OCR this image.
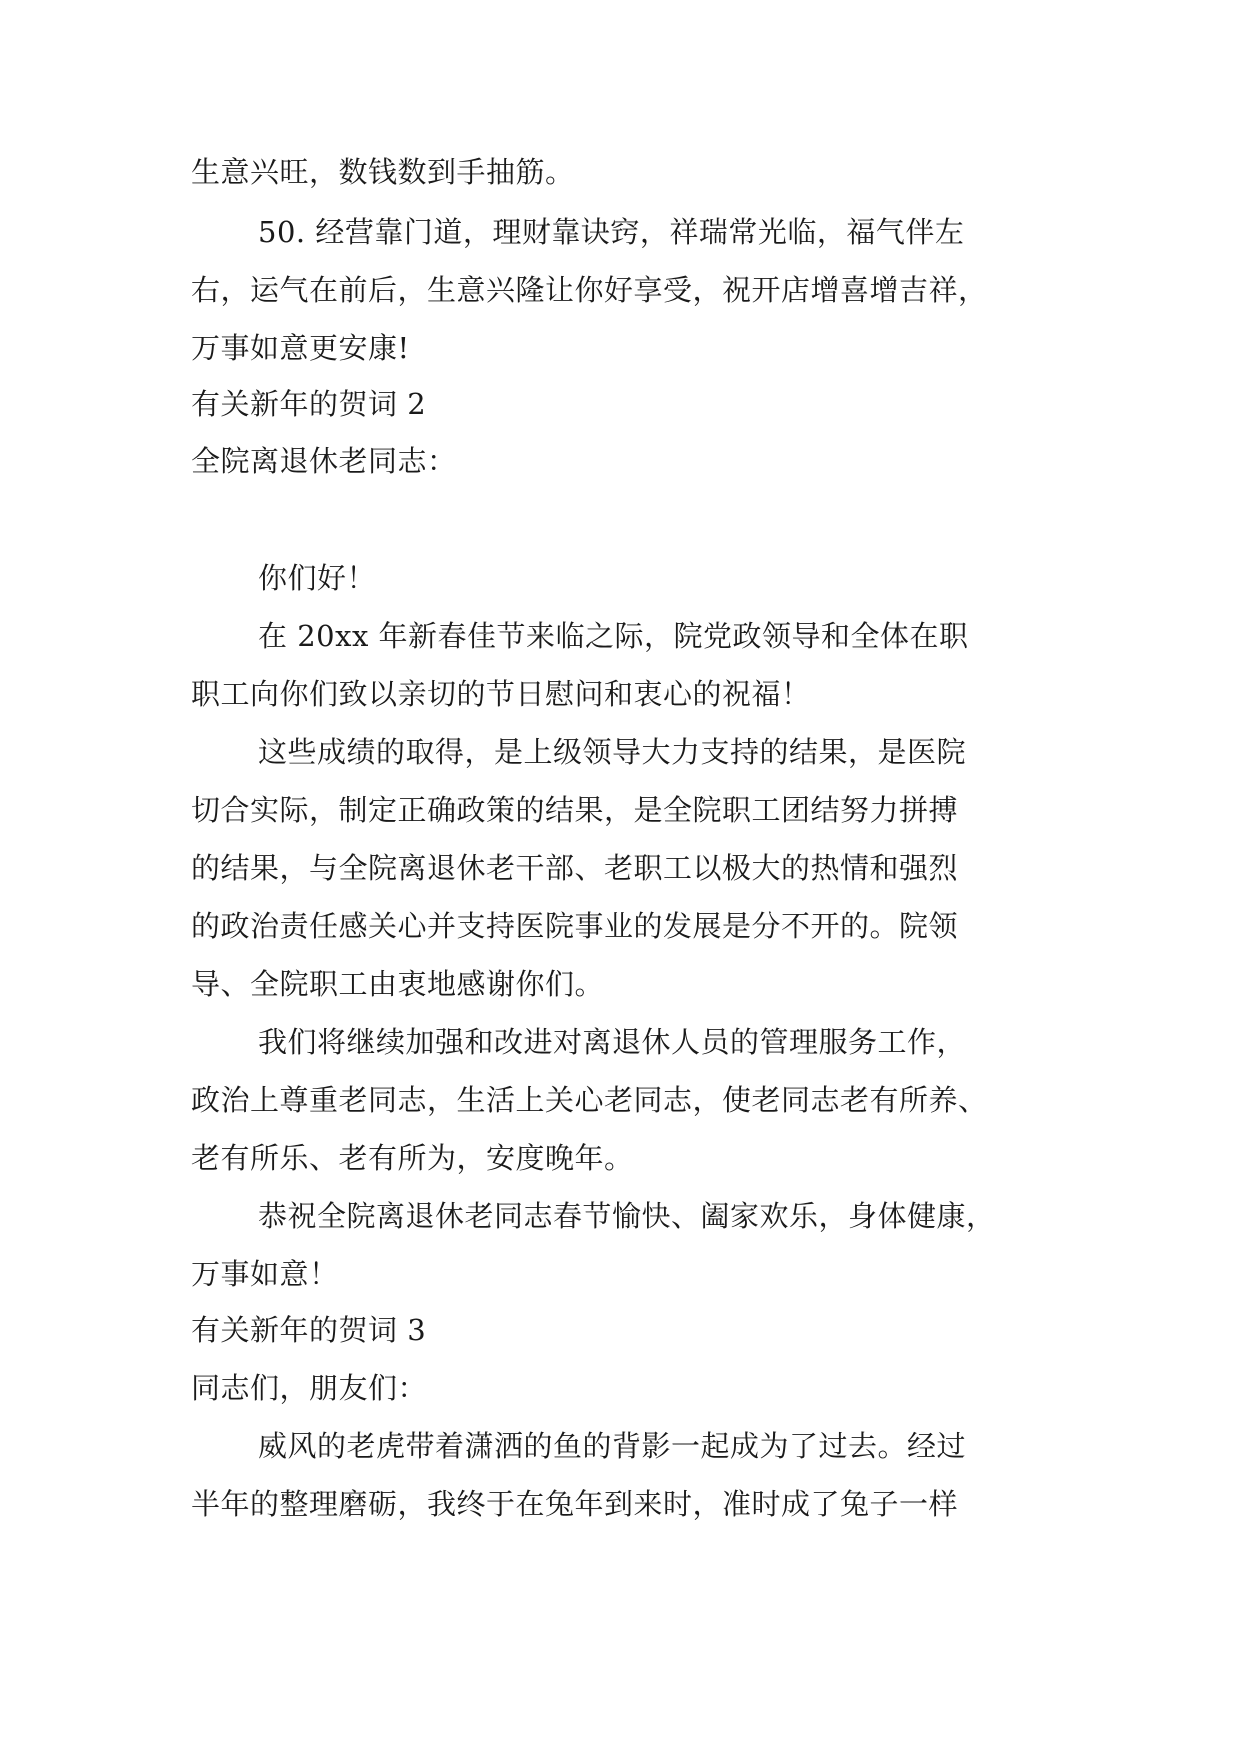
生意兴旺，数钱数到手抽筋。
50. 经营靠门道，理财靠诀窍，祥瑞常光临，福气伴左
右，运气在前后，生意兴隆让你好享受，祝开店增喜增吉祥，
万事如意更安康!
有关新年的贺词 2
全院离退休老同志：
你们好！
在 20xx 年新春佳节来临之际，院党政领导和全体在职
职工向你们致以亲切的节日慰问和衷心的祝福！
这些成绩的取得，是上级领导大力支持的结果，是医院
切合实际，制定正确政策的结果，是全院职工团结努力拼搏
的结果，与全院离退休老干部、老职工以极大的热情和强烈
的政治责任感关心并支持医院事业的发展是分不开的。院领
导、全院职工由衷地感谢你们。
我们将继续加强和改进对离退休人员的管理服务工作，
政治上尊重老同志，生活上关心老同志，使老同志老有所养、
老有所乐、老有所为，安度晚年。
恭祝全院离退休老同志春节愉快、阖家欢乐，身体健康，
万事如意！
有关新年的贺词 3
同志们，朋友们：
威风的老虎带着潇洒的鱼的背影一起成为了过去。经过
半年的整理磨砺，我终于在兔年到来时，准时成了兔子一样
